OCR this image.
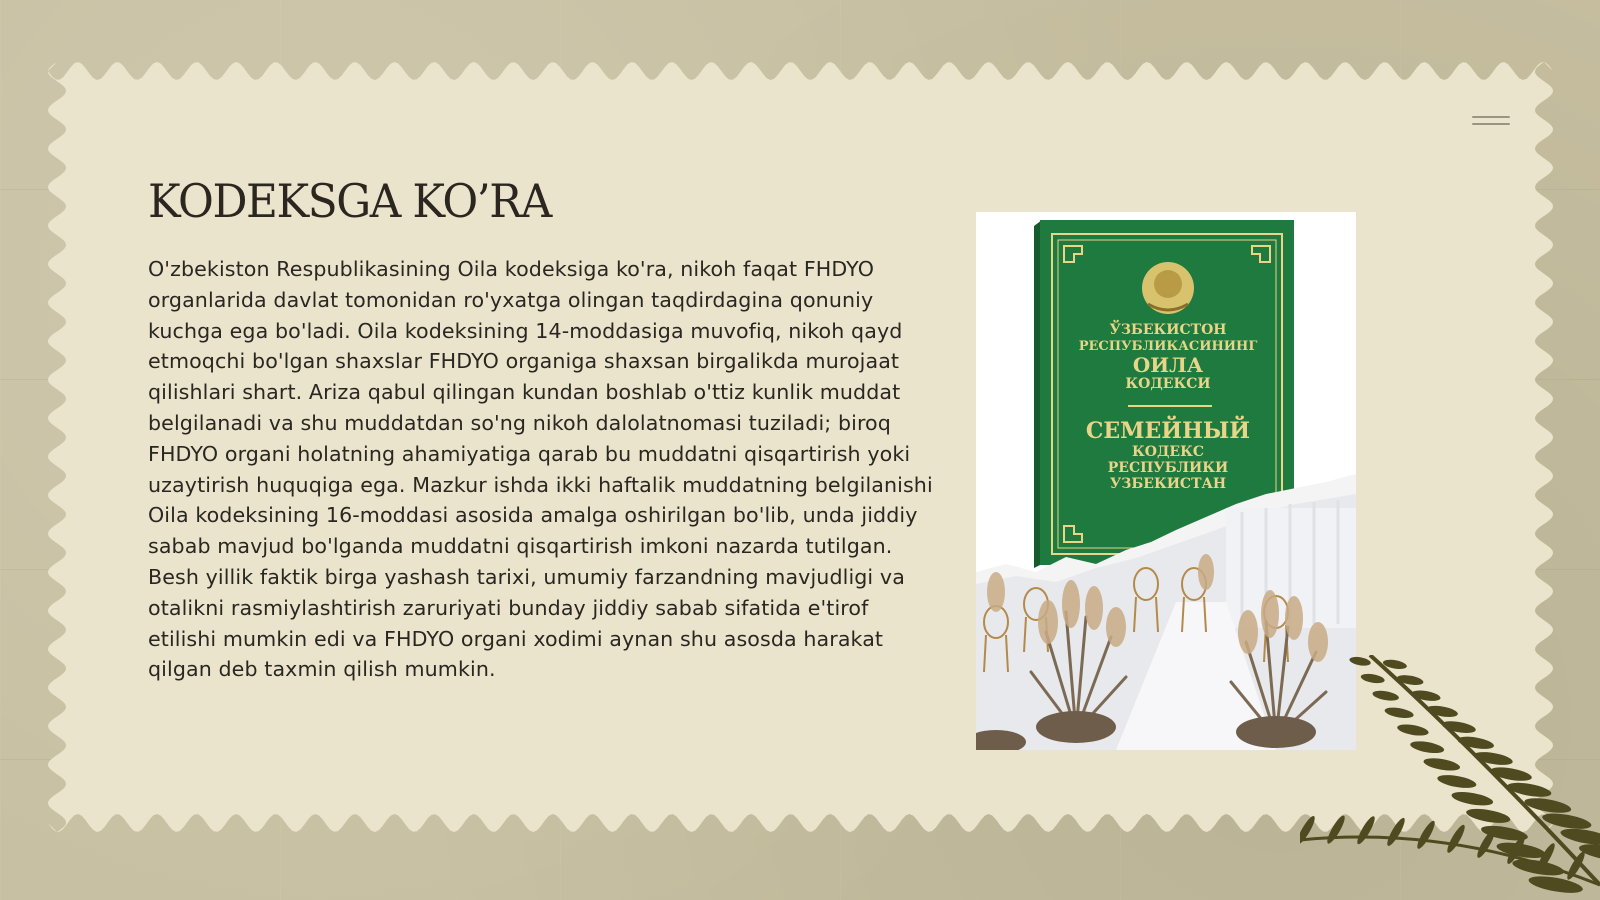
KODEKSGA KO’RA

O'zbekiston Respublikasining Oila kodeksiga ko'ra, nikoh faqat FHDYO organlarida davlat tomonidan ro'yxatga olingan taqdirdagina qonuniy kuchga ega bo'ladi. Oila kodeksining 14-moddasiga muvofiq, nikoh qayd etmoqchi bo'lgan shaxslar FHDYO organiga shaxsan birgalikda murojaat qilishlari shart. Ariza qabul qilingan kundan boshlab o'ttiz kunlik muddat belgilanadi va shu muddatdan so'ng nikoh dalolatnomasi tuziladi; biroq FHDYO organi holatning ahamiyatiga qarab bu muddatni qisqartirish yoki uzaytirish huquqiga ega. Mazkur ishda ikki haftalik muddatning belgilanishi Oila kodeksining 16-moddasi asosida amalga oshirilgan bo'lib, unda jiddiy sabab mavjud bo'lganda muddatni qisqartirish imkoni nazarda tutilgan. Besh yillik faktik birga yashash tarixi, umumiy farzandning mavjudligi va otalikni rasmiylashtirish zaruriyati bunday jiddiy sabab sifatida e'tirof etilishi mumkin edi va FHDYO organi xodimi aynan shu asosda harakat qilgan deb taxmin qilish mumkin.

ЎЗБЕКИСТОН
РЕСПУБЛИКАСИНИНГ
ОИЛА
КОДЕКСИ
СЕМЕЙНЫЙ
КОДЕКС
РЕСПУБЛИКИ
УЗБЕКИСТАН
